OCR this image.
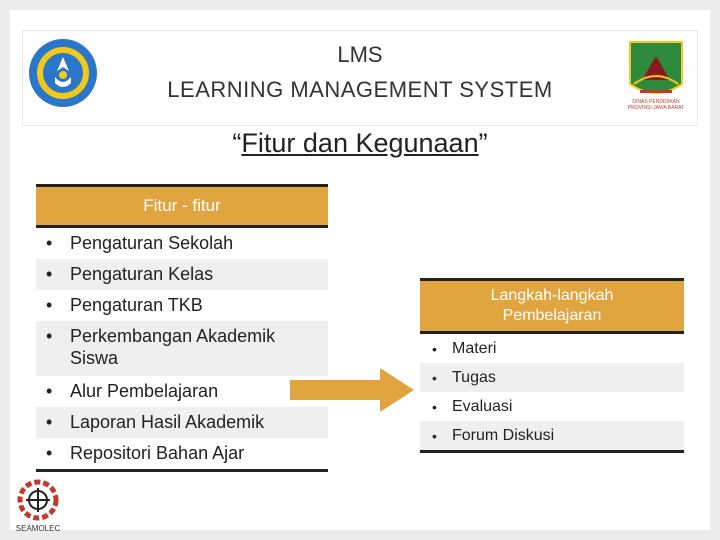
LMS
LEARNING MANAGEMENT SYSTEM	DINAS PENDIDIKAN
PROVINSI JAWA BARAT
“Fitur dan Kegunaan”
Fitur - fitur
• Pengaturan Sekolah
• Pengaturan Kelas
• Pengaturan TKB
• Perkembangan Akademik Siswa
• Alur Pembelajaran
• Laporan Hasil Akademik
• Repositori Bahan Ajar
Langkah-langkah Pembelajaran
• Materi
• Tugas
• Evaluasi
• Forum Diskusi
SEAMOLEC
